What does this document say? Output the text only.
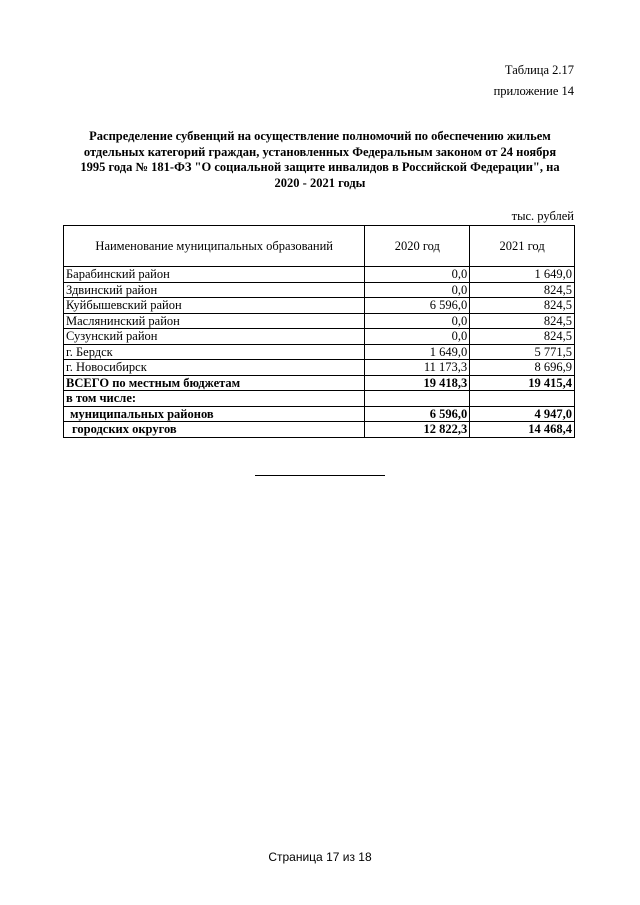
Таблица 2.17
приложение 14
Распределение субвенций на осуществление полномочий по обеспечению жильем
отдельных категорий граждан, установленных Федеральным законом от 24 ноября
1995 года № 181-ФЗ "О социальной защите инвалидов в Российской Федерации", на
2020 - 2021 годы
тыс. рублей
Наименование муниципальных образований	2020 год	2021 год
Барабинский район	0,0	1 649,0
Здвинский район	0,0	824,5
Куйбышевский район	6 596,0	824,5
Маслянинский район	0,0	824,5
Сузунский район	0,0	824,5
г. Бердск	1 649,0	5 771,5
г. Новосибирск	11 173,3	8 696,9
ВСЕГО по местным бюджетам	19 418,3	19 415,4
в том числе:		
муниципальных районов	6 596,0	4 947,0
городских округов	12 822,3	14 468,4
Страница 17 из 18
